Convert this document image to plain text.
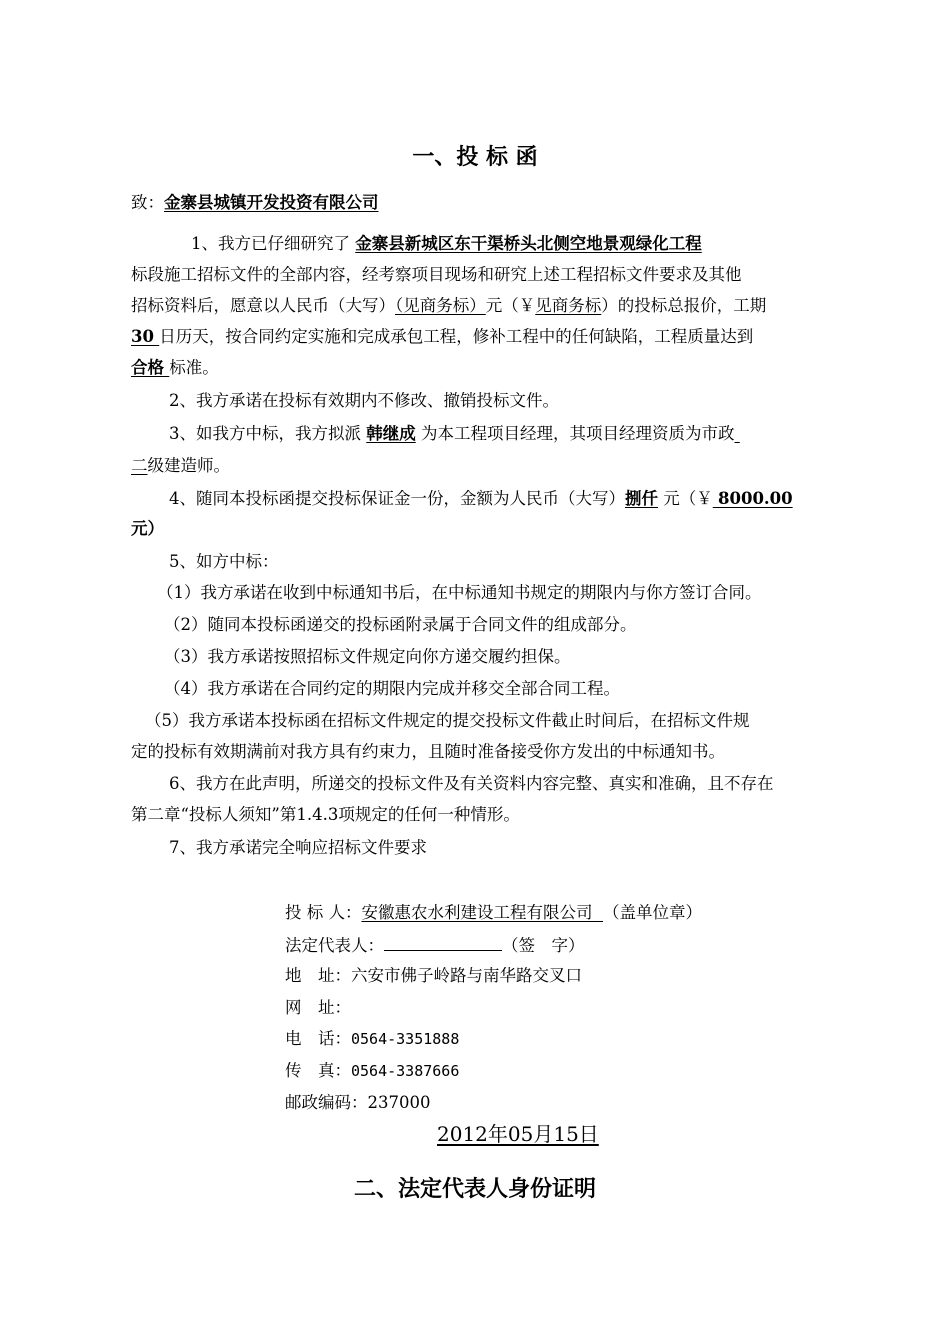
一、投 标 函
致：金寨县城镇开发投资有限公司
1、我方已仔细研究了 金寨县新城区东干渠桥头北侧空地景观绿化工程
标段施工招标文件的全部内容，经考察项目现场和研究上述工程招标文件要求及其他
招标资料后，愿意以人民币（大写）（见商务标）元（￥见商务标）的投标总报价，工期
30 日历天，按合同约定实施和完成承包工程，修补工程中的任何缺陷，工程质量达到
合格 标准。
2、我方承诺在投标有效期内不修改、撤销投标文件。
3、如我方中标，我方拟派 韩继成 为本工程项目经理，其项目经理资质为市政
二级建造师。
4、随同本投标函提交投标保证金一份，金额为人民币（大写）捌仟 元（￥ 8000.00
元）
5、如方中标：
（1）我方承诺在收到中标通知书后，在中标通知书规定的期限内与你方签订合同。
（2）随同本投标函递交的投标函附录属于合同文件的组成部分。
（3）我方承诺按照招标文件规定向你方递交履约担保。
（4）我方承诺在合同约定的期限内完成并移交全部合同工程。
（5）我方承诺本投标函在招标文件规定的提交投标文件截止时间后，在招标文件规
定的投标有效期满前对我方具有约束力，且随时准备接受你方发出的中标通知书。
6、我方在此声明，所递交的投标文件及有关资料内容完整、真实和准确，且不存在
第二章“投标人须知”第1.4.3项规定的任何一种情形。
7、我方承诺完全响应招标文件要求
投 标 人：安徽惠农水利建设工程有限公司 （盖单位章）
法定代表人：	（签　字）
地　址：六安市佛子岭路与南华路交叉口
网　址：
电　话：0564-3351888
传　真：0564-3387666
邮政编码：237000
2012年05月15日
二、法定代表人身份证明
